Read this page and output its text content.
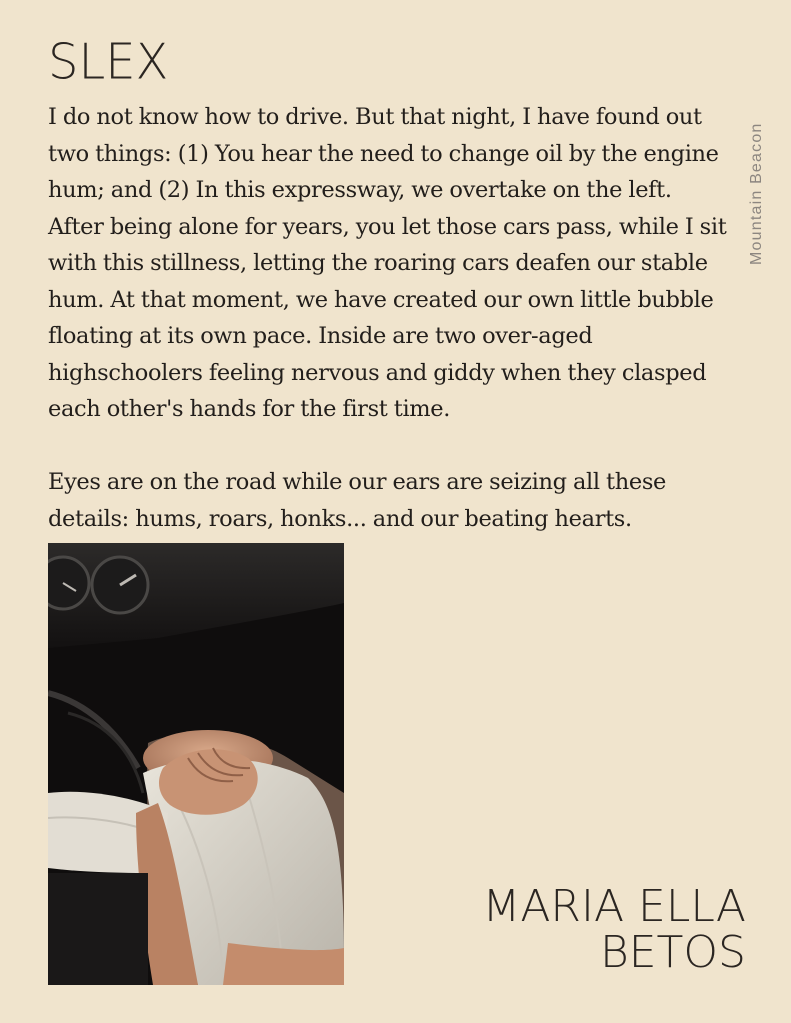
SLEX

I do not know how to drive. But that night, I have found out two things: (1) You hear the need to change oil by the engine hum; and (2) In this expressway, we overtake on the left. After being alone for years, you let those cars pass, while I sit with this stillness, letting the roaring cars deafen our stable hum. At that moment, we have created our own little bubble floating at its own pace. Inside are two over-aged highschoolers feeling nervous and giddy when they clasped each other's hands for the first time.

Eyes are on the road while our ears are seizing all these details: hums, roars, honks... and our beating hearts.

Mountain Beacon
MARIA ELLA
BETOS
